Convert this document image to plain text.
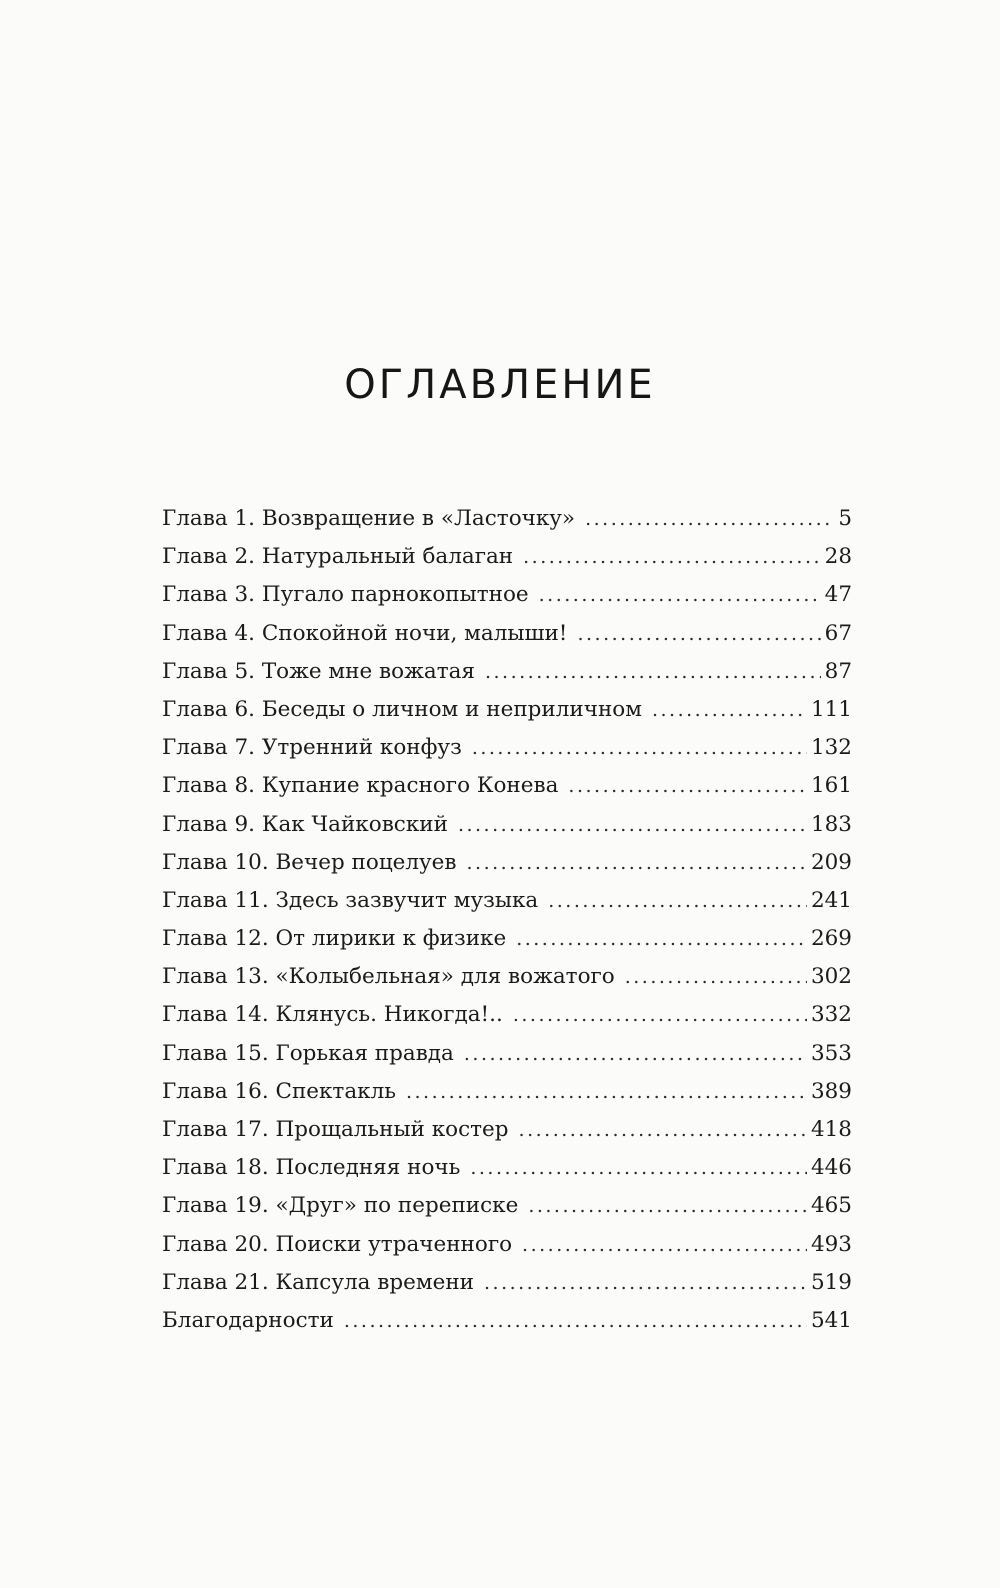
ОГЛАВЛЕНИЕ
Глава 1. Возвращение в «Ласточку» .....	5
Глава 2. Натуральный балаган .....	28
Глава 3. Пугало парнокопытное .....	47
Глава 4. Спокойной ночи, малыши! .....	67
Глава 5. Тоже мне вожатая .....	87
Глава 6. Беседы о личном и неприличном .....	111
Глава 7. Утренний конфуз .....	132
Глава 8. Купание красного Конева .....	161
Глава 9. Как Чайковский .....	183
Глава 10. Вечер поцелуев .....	209
Глава 11. Здесь зазвучит музыка .....	241
Глава 12. От лирики к физике .....	269
Глава 13. «Колыбельная» для вожатого .....	302
Глава 14. Клянусь. Никогда!.. .....	332
Глава 15. Горькая правда .....	353
Глава 16. Спектакль .....	389
Глава 17. Прощальный костер .....	418
Глава 18. Последняя ночь .....	446
Глава 19. «Друг» по переписке .....	465
Глава 20. Поиски утраченного .....	493
Глава 21. Капсула времени .....	519
Благодарности .....	541
